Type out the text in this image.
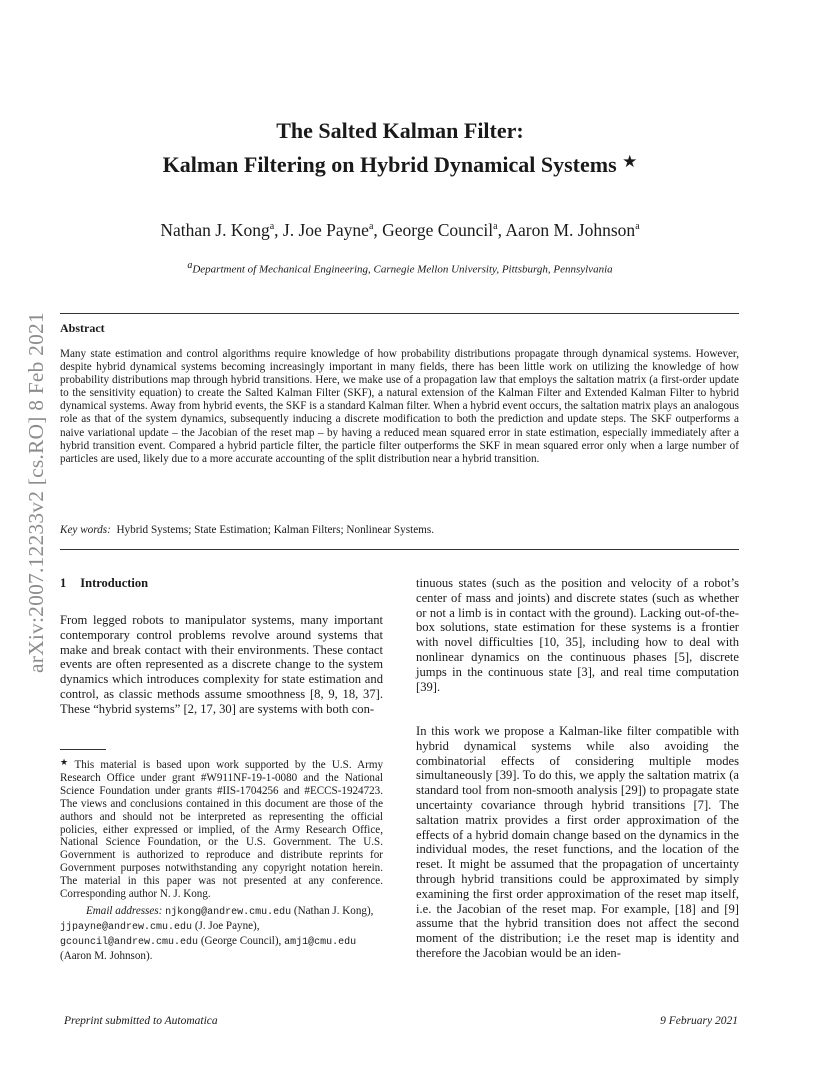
arXiv:2007.12233v2 [cs.RO] 8 Feb 2021
The Salted Kalman Filter:
Kalman Filtering on Hybrid Dynamical Systems ★
Nathan J. Kong$^a$, J. Joe Payne$^a$, George Council$^a$, Aaron M. Johnson$^a$
$^a$Department of Mechanical Engineering, Carnegie Mellon University, Pittsburgh, Pennsylvania
Abstract
Many state estimation and control algorithms require knowledge of how probability distributions propagate through dynamical systems. However, despite hybrid dynamical systems becoming increasingly important in many fields, there has been little work on utilizing the knowledge of how probability distributions map through hybrid transitions. Here, we make use of a propagation law that employs the saltation matrix (a first-order update to the sensitivity equation) to create the Salted Kalman Filter (SKF), a natural extension of the Kalman Filter and Extended Kalman Filter to hybrid dynamical systems. Away from hybrid events, the SKF is a standard Kalman filter. When a hybrid event occurs, the saltation matrix plays an analogous role as that of the system dynamics, subsequently inducing a discrete modification to both the prediction and update steps. The SKF outperforms a naive variational update – the Jacobian of the reset map – by having a reduced mean squared error in state estimation, especially immediately after a hybrid transition event. Compared a hybrid particle filter, the particle filter outperforms the SKF in mean squared error only when a large number of particles are used, likely due to a more accurate accounting of the split distribution near a hybrid transition.
Key words: Hybrid Systems; State Estimation; Kalman Filters; Nonlinear Systems.
1 Introduction

From legged robots to manipulator systems, many important contemporary control problems revolve around systems that make and break contact with their environments. These contact events are often represented as a discrete change to the system dynamics which introduces complexity for state estimation and control, as classic methods assume smoothness [8, 9, 18, 37]. These “hybrid systems” [2, 17, 30] are systems with both con-

★ This material is based upon work supported by the U.S. Army Research Office under grant #W911NF-19-1-0080 and the National Science Foundation under grants #IIS-1704256 and #ECCS-1924723. The views and conclusions contained in this document are those of the authors and should not be interpreted as representing the official policies, either expressed or implied, of the Army Research Office, National Science Foundation, or the U.S. Government. The U.S. Government is authorized to reproduce and distribute reprints for Government purposes notwithstanding any copyright notation herein. The material in this paper was not presented at any conference. Corresponding author N. J. Kong.

Email addresses: njkong@andrew.cmu.edu (Nathan J. Kong), jjpayne@andrew.cmu.edu (J. Joe Payne), gcouncil@andrew.cmu.edu (George Council), amj1@cmu.edu (Aaron M. Johnson).

tinuous states (such as the position and velocity of a robot’s center of mass and joints) and discrete states (such as whether or not a limb is in contact with the ground). Lacking out-of-the-box solutions, state estimation for these systems is a frontier with novel difficulties [10, 35], including how to deal with nonlinear dynamics on the continuous phases [5], discrete jumps in the continuous state [3], and real time computation [39].

In this work we propose a Kalman-like filter compatible with hybrid dynamical systems while also avoiding the combinatorial effects of considering multiple modes simultaneously [39]. To do this, we apply the saltation matrix (a standard tool from non-smooth analysis [29]) to propagate state uncertainty covariance through hybrid transitions [7]. The saltation matrix provides a first order approximation of the effects of a hybrid domain change based on the dynamics in the individual modes, the reset functions, and the location of the reset. It might be assumed that the propagation of uncertainty through hybrid transitions could be approximated by simply examining the first order approximation of the reset map itself, i.e. the Jacobian of the reset map. For example, [18] and [9] assume that the hybrid transition does not affect the second moment of the distribution; i.e the reset map is identity and therefore the Jacobian would be an iden-

Preprint submitted to Automatica	9 February 2021
